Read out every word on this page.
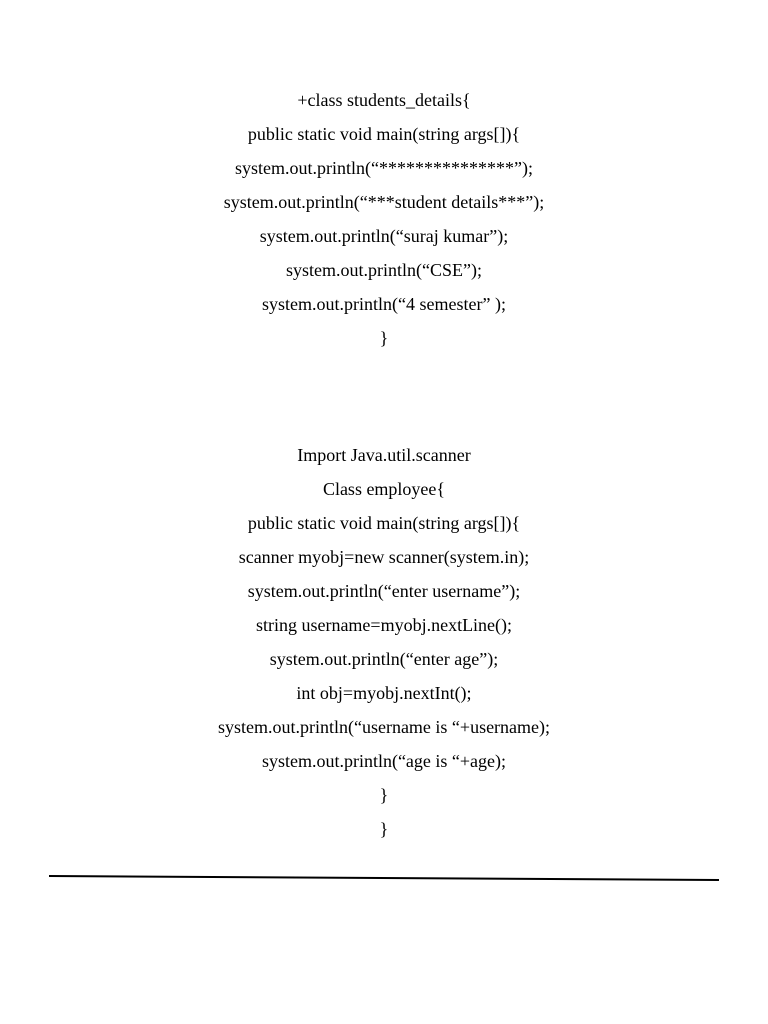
+class students_details{
public static void main(string args[]){
system.out.println(“***************”);
system.out.println(“***student details***”);
system.out.println(“suraj kumar”);
system.out.println(“CSE”);
system.out.println(“4 semester” );
}
Import Java.util.scanner
Class employee{
public static void main(string args[]){
scanner myobj=new scanner(system.in);
system.out.println(“enter username”);
string username=myobj.nextLine();
system.out.println(“enter age”);
int obj=myobj.nextInt();
system.out.println(“username is “+username);
system.out.println(“age is “+age);
}
}
